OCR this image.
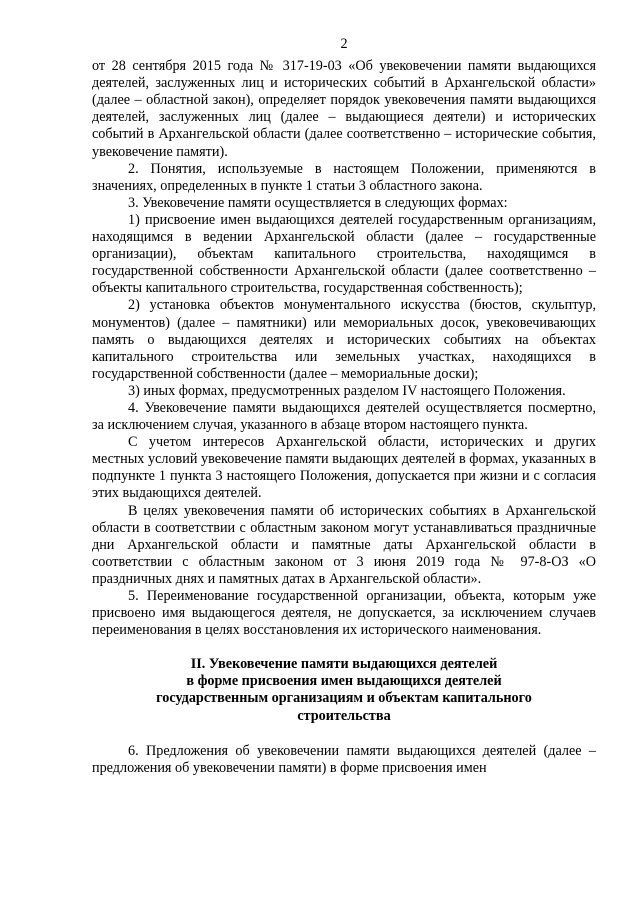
2

от 28 сентября 2015 года № 317-19-03 «Об увековечении памяти выдающихся деятелей, заслуженных лиц и исторических событий в Архангельской области» (далее – областной закон), определяет порядок увековечения памяти выдающихся деятелей, заслуженных лиц (далее – выдающиеся деятели) и исторических событий в Архангельской области (далее соответственно – исторические события, увековечение памяти).

2. Понятия, используемые в настоящем Положении, применяются в значениях, определенных в пункте 1 статьи 3 областного закона.

3. Увековечение памяти осуществляется в следующих формах:

1) присвоение имен выдающихся деятелей государственным организациям, находящимся в ведении Архангельской области (далее – государственные организации), объектам капитального строительства, находящимся в государственной собственности Архангельской области (далее соответственно – объекты капитального строительства, государственная собственность);

2) установка объектов монументального искусства (бюстов, скульптур, монументов) (далее – памятники) или мемориальных досок, увековечивающих память о выдающихся деятелях и исторических событиях на объектах капитального строительства или земельных участках, находящихся в государственной собственности (далее – мемориальные доски);

3) иных формах, предусмотренных разделом IV настоящего Положения.

4. Увековечение памяти выдающихся деятелей осуществляется посмертно, за исключением случая, указанного в абзаце втором настоящего пункта.

С учетом интересов Архангельской области, исторических и других местных условий увековечение памяти выдающих деятелей в формах, указанных в подпункте 1 пункта 3 настоящего Положения, допускается при жизни и с согласия этих выдающихся деятелей.

В целях увековечения памяти об исторических событиях в Архангельской области в соответствии с областным законом могут устанавливаться праздничные дни Архангельской области и памятные даты Архангельской области в соответствии с областным законом от 3 июня 2019 года № 97-8-ОЗ «О праздничных днях и памятных датах в Архангельской области».

5. Переименование государственной организации, объекта, которым уже присвоено имя выдающегося деятеля, не допускается, за исключением случаев переименования в целях восстановления их исторического наименования.

II. Увековечение памяти выдающихся деятелей
в форме присвоения имен выдающихся деятелей
государственным организациям и объектам капитального
строительства

6. Предложения об увековечении памяти выдающихся деятелей (далее – предложения об увековечении памяти) в форме присвоения имен
